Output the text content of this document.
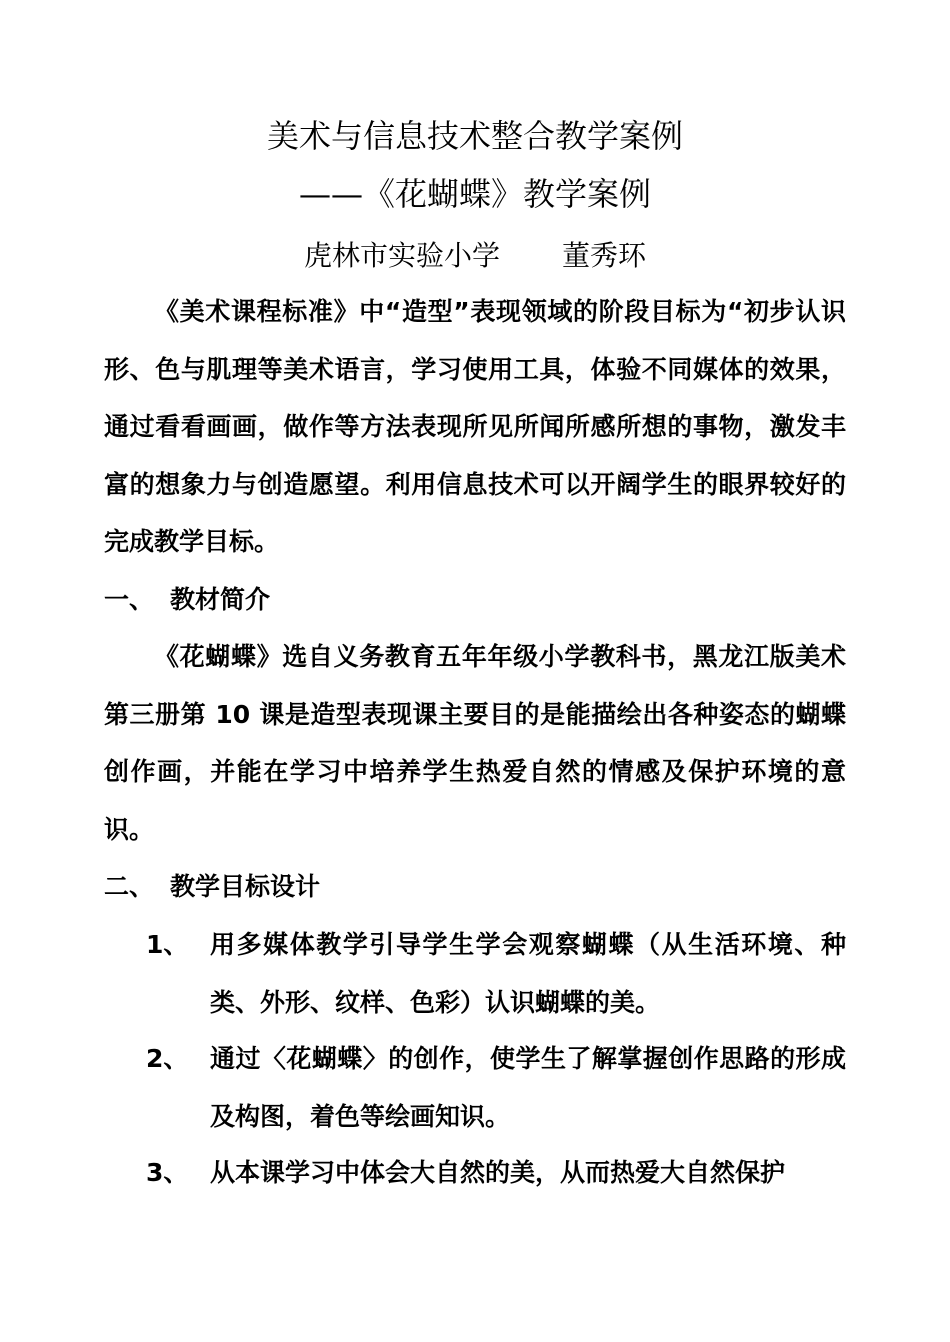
美术与信息技术整合教学案例
——《花蝴蝶》教学案例
虎林市实验小学 董秀环

《美术课程标准》中“造型”表现领域的阶段目标为“初步认识形、色与肌理等美术语言，学习使用工具，体验不同媒体的效果，通过看看画画，做作等方法表现所见所闻所感所想的事物，激发丰富的想象力与创造愿望。利用信息技术可以开阔学生的眼界较好的完成教学目标。

一、 教材简介

《花蝴蝶》选自义务教育五年年级小学教科书，黑龙江版美术第三册第 10 课是造型表现课主要目的是能描绘出各种姿态的蝴蝶创作画，并能在学习中培养学生热爱自然的情感及保护环境的意识。

二、 教学目标设计
1、 用多媒体教学引导学生学会观察蝴蝶（从生活环境、种类、外形、纹样、色彩）认识蝴蝶的美。

2、 通过〈花蝴蝶〉的创作，使学生了解掌握创作思路的形成及构图，着色等绘画知识。

3、 从本课学习中体会大自然的美，从而热爱大自然保护
